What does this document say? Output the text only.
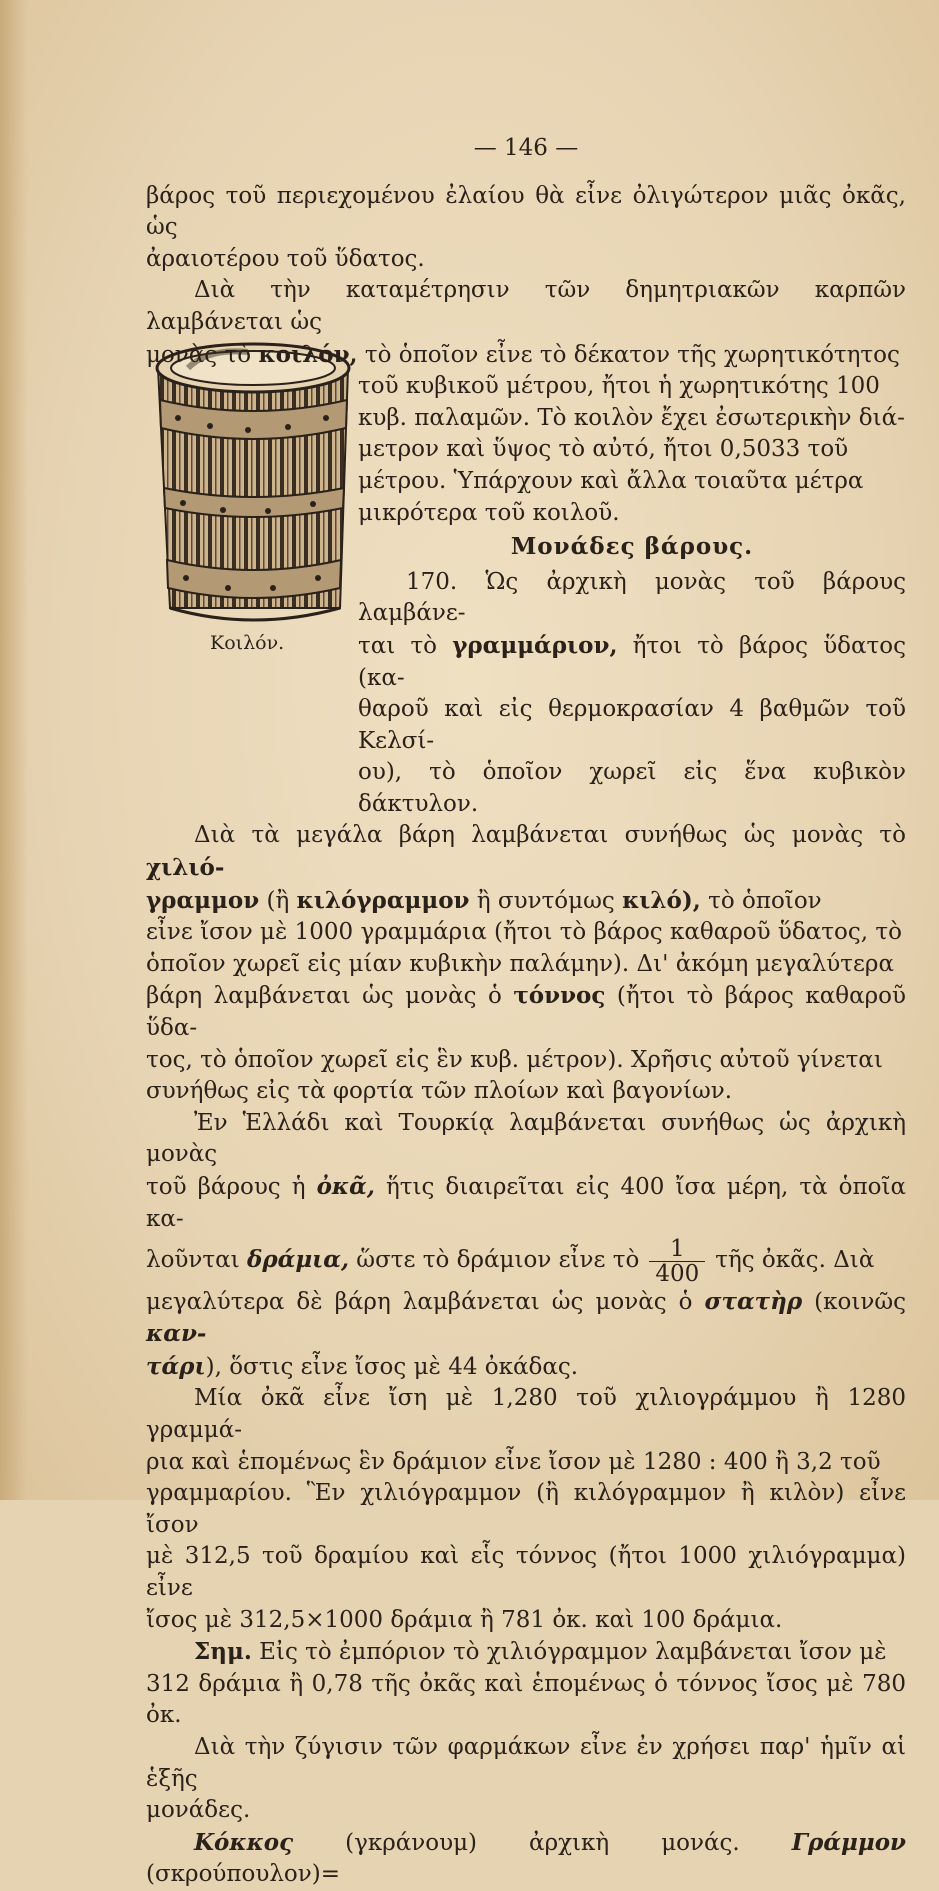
Κοιλόν.

— 146 —

βάρος τοῦ περιεχομένου ἐλαίου θὰ εἶνε ὀλιγώτερον μιᾶς ὀκᾶς, ὡς

ἀραιοτέρου τοῦ ὕδατος.

Διὰ τὴν καταμέτρησιν τῶν δημητριακῶν καρπῶν λαμβάνεται ὡς

μονὰς τὸ κοιλόν, τὸ ὁποῖον εἶνε τὸ δέκατον τῆς χωρητικότητος

τοῦ κυβικοῦ μέτρου, ἤτοι ἡ χωρητικότης 100

κυβ. παλαμῶν. Τὸ κοιλὸν ἔχει ἐσωτερικὴν διά-

μετρον καὶ ὕψος τὸ αὐτό, ἤτοι 0,5033 τοῦ

μέτρου. Ὑπάρχουν καὶ ἄλλα τοιαῦτα μέτρα

μικρότερα τοῦ κοιλοῦ.

Μονάδες βάρους.

170. Ὡς ἀρχικὴ μονὰς τοῦ βάρους λαμβάνε-

ται τὸ γραμμάριον, ἤτοι τὸ βάρος ὕδατος (κα-

θαροῦ καὶ εἰς θερμοκρασίαν 4 βαθμῶν τοῦ Κελσί-

ου), τὸ ὁποῖον χωρεῖ εἰς ἕνα κυβικὸν δάκτυλον.

Διὰ τὰ μεγάλα βάρη λαμβάνεται συνήθως ὡς μονὰς τὸ χιλιό-

γραμμον (ἢ κιλόγραμμον ἢ συντόμως κιλό), τὸ ὁποῖον

εἶνε ἴσον μὲ 1000 γραμμάρια (ἤτοι τὸ βάρος καθαροῦ ὕδατος, τὸ

ὁποῖον χωρεῖ εἰς μίαν κυβικὴν παλάμην). Δι' ἀκόμη μεγαλύτερα

βάρη λαμβάνεται ὡς μονὰς ὁ τόννος (ἤτοι τὸ βάρος καθαροῦ ὕδα-

τος, τὸ ὁποῖον χωρεῖ εἰς ἓν κυβ. μέτρον). Χρῆσις αὐτοῦ γίνεται

συνήθως εἰς τὰ φορτία τῶν πλοίων καὶ βαγονίων.

Ἐν Ἑλλάδι καὶ Τουρκίᾳ λαμβάνεται συνήθως ὡς ἀρχικὴ μονὰς

τοῦ βάρους ἡ ὀκᾶ, ἥτις διαιρεῖται εἰς 400 ἴσα μέρη, τὰ ὁποῖα κα-

λοῦνται δράμια, ὥστε τὸ δράμιον εἶνε τὸ $\frac{1}{400}$ τῆς ὀκᾶς. Διὰ

μεγαλύτερα δὲ βάρη λαμβάνεται ὡς μονὰς ὁ στατὴρ (κοινῶς καν-

τάρι), ὅστις εἶνε ἴσος μὲ 44 ὀκάδας.

Μία ὀκᾶ εἶνε ἴση μὲ 1,280 τοῦ χιλιογράμμου ἢ 1280 γραμμά-

ρια καὶ ἑπομένως ἓν δράμιον εἶνε ἴσον μὲ 1280 : 400 ἢ 3,2 τοῦ

γραμμαρίου. Ἓν χιλιόγραμμον (ἢ κιλόγραμμον ἢ κιλὸν) εἶνε ἴσον

μὲ 312,5 τοῦ δραμίου καὶ εἷς τόννος (ἤτοι 1000 χιλιόγραμμα) εἶνε

ἴσος μὲ 312,5×1000 δράμια ἢ 781 ὀκ. καὶ 100 δράμια.

Σημ. Εἰς τὸ ἐμπόριον τὸ χιλιόγραμμον λαμβάνεται ἴσον μὲ

312 δράμια ἢ 0,78 τῆς ὀκᾶς καὶ ἑπομένως ὁ τόννος ἴσος μὲ 780 ὀκ.

Διὰ τὴν ζύγισιν τῶν φαρμάκων εἶνε ἐν χρήσει παρ' ἡμῖν αἱ ἑξῆς

μονάδες.

Κόκκος (γκράνουμ) ἀρχικὴ μονάς. Γράμμον (σκρούπουλον)=
